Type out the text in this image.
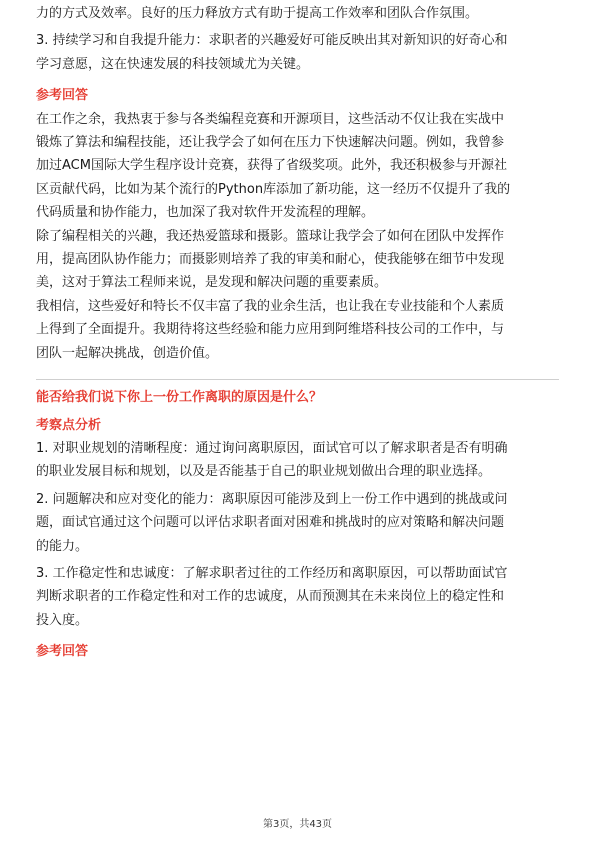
力的方式及效率。良好的压力释放方式有助于提高工作效率和团队合作氛围。

3. 持续学习和自我提升能力：求职者的兴趣爱好可能反映出其对新知识的好奇心和

学习意愿，这在快速发展的科技领域尤为关键。

参考回答

在工作之余，我热衷于参与各类编程竞赛和开源项目，这些活动不仅让我在实战中

锻炼了算法和编程技能，还让我学会了如何在压力下快速解决问题。例如，我曾参

加过ACM国际大学生程序设计竞赛，获得了省级奖项。此外，我还积极参与开源社

区贡献代码，比如为某个流行的Python库添加了新功能，这一经历不仅提升了我的

代码质量和协作能力，也加深了我对软件开发流程的理解。

除了编程相关的兴趣，我还热爱篮球和摄影。篮球让我学会了如何在团队中发挥作

用，提高团队协作能力；而摄影则培养了我的审美和耐心，使我能够在细节中发现

美，这对于算法工程师来说，是发现和解决问题的重要素质。

我相信，这些爱好和特长不仅丰富了我的业余生活，也让我在专业技能和个人素质

上得到了全面提升。我期待将这些经验和能力应用到阿维塔科技公司的工作中，与

团队一起解决挑战，创造价值。

能否给我们说下你上一份工作离职的原因是什么？

考察点分析

1. 对职业规划的清晰程度：通过询问离职原因，面试官可以了解求职者是否有明确

的职业发展目标和规划，以及是否能基于自己的职业规划做出合理的职业选择。

2. 问题解决和应对变化的能力：离职原因可能涉及到上一份工作中遇到的挑战或问

题，面试官通过这个问题可以评估求职者面对困难和挑战时的应对策略和解决问题

的能力。

3. 工作稳定性和忠诚度：了解求职者过往的工作经历和离职原因，可以帮助面试官

判断求职者的工作稳定性和对工作的忠诚度，从而预测其在未来岗位上的稳定性和

投入度。

参考回答

第3页，共43页
